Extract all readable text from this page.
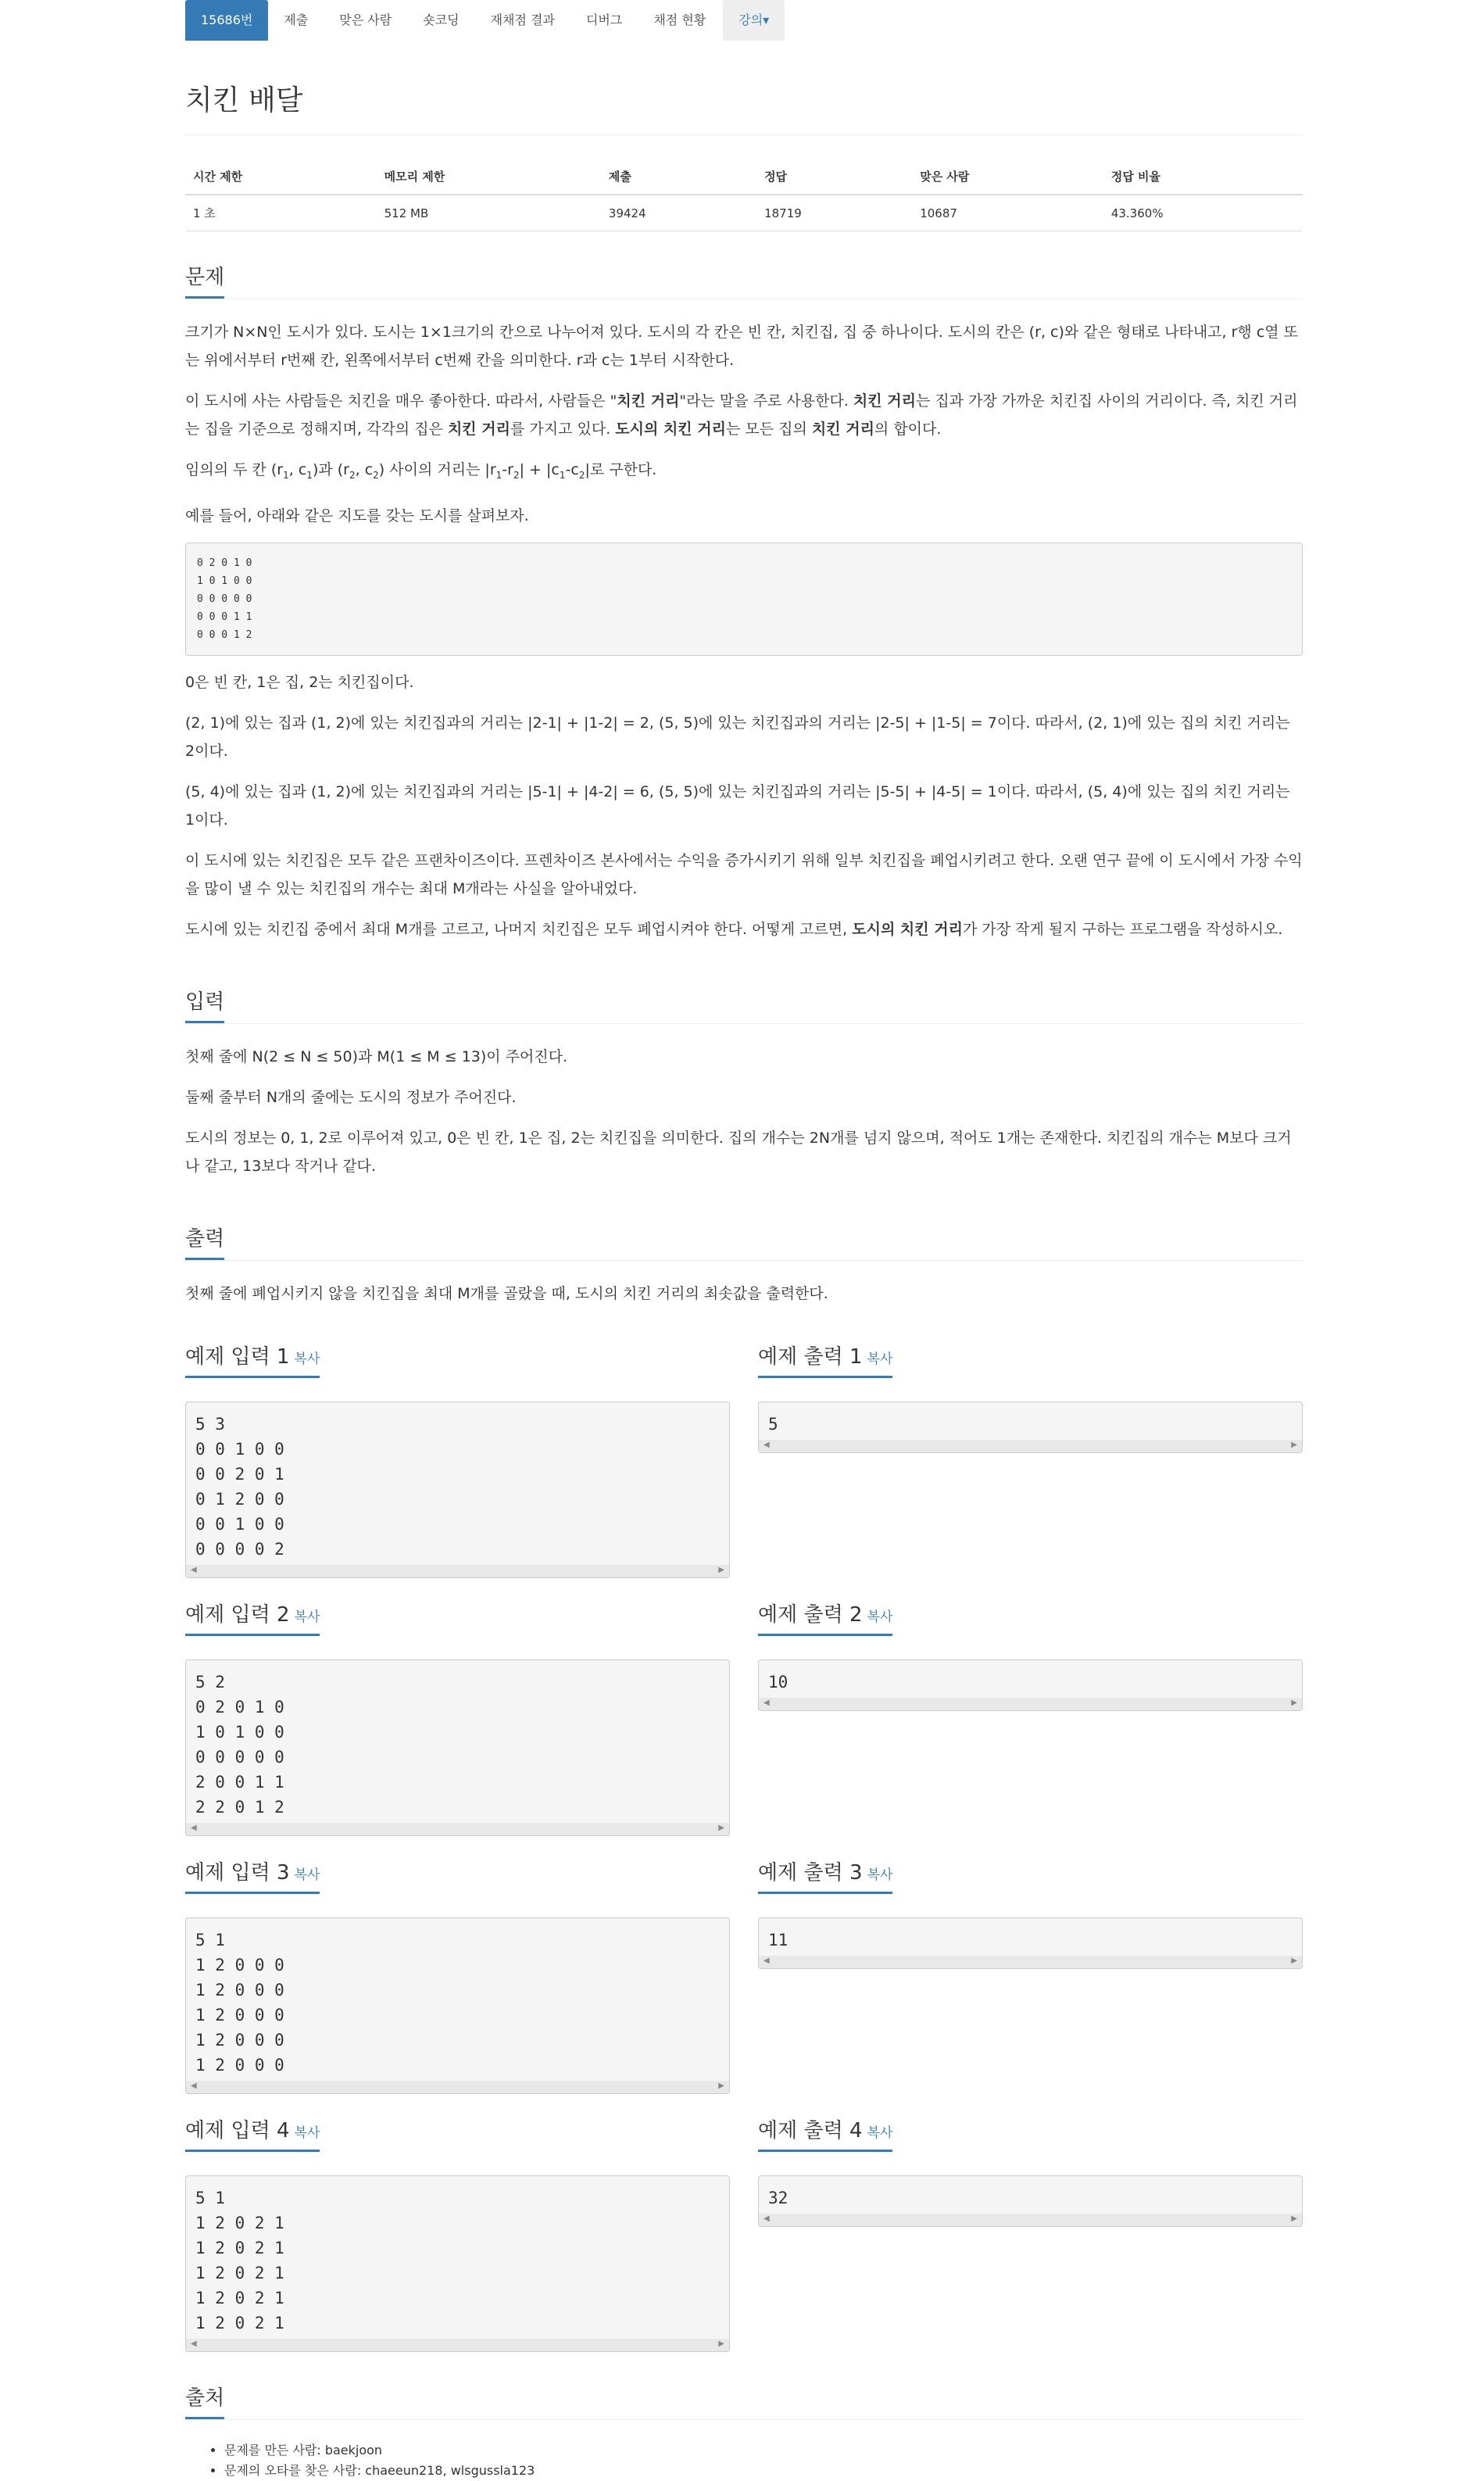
15686번	제출	맞은 사람	숏코딩	재채점 결과	디버그	채점 현황	강의▾
치킨 배달
시간 제한	메모리 제한	제출	정답	맞은 사람	정답 비율
1 초	512 MB	39424	18719	10687	43.360%
문제

크기가 N×N인 도시가 있다. 도시는 1×1크기의 칸으로 나누어져 있다. 도시의 각 칸은 빈 칸, 치킨집, 집 중 하나이다. 도시의 칸은 (r, c)와 같은 형태로 나타내고, r행 c열 또는 위에서부터 r번째 칸, 왼쪽에서부터 c번째 칸을 의미한다. r과 c는 1부터 시작한다.

이 도시에 사는 사람들은 치킨을 매우 좋아한다. 따라서, 사람들은 "치킨 거리"라는 말을 주로 사용한다. 치킨 거리는 집과 가장 가까운 치킨집 사이의 거리이다. 즉, 치킨 거리는 집을 기준으로 정해지며, 각각의 집은 치킨 거리를 가지고 있다. 도시의 치킨 거리는 모든 집의 치킨 거리의 합이다.

임의의 두 칸 ($r_1$, $c_1$)과 ($r_2$, $c_2$) 사이의 거리는 $|r_1-r_2| + |c_1-c_2|$로 구한다.

예를 들어, 아래와 같은 지도를 갖는 도시를 살펴보자.

0 2 0 1 0
1 0 1 0 0
0 0 0 0 0
0 0 0 1 1
0 0 0 1 2

0은 빈 칸, 1은 집, 2는 치킨집이다.

(2, 1)에 있는 집과 (1, 2)에 있는 치킨집과의 거리는 |2-1| + |1-2| = 2, (5, 5)에 있는 치킨집과의 거리는 |2-5| + |1-5| = 7이다. 따라서, (2, 1)에 있는 집의 치킨 거리는 2이다.

(5, 4)에 있는 집과 (1, 2)에 있는 치킨집과의 거리는 |5-1| + |4-2| = 6, (5, 5)에 있는 치킨집과의 거리는 |5-5| + |4-5| = 1이다. 따라서, (5, 4)에 있는 집의 치킨 거리는 1이다.

이 도시에 있는 치킨집은 모두 같은 프랜차이즈이다. 프렌차이즈 본사에서는 수익을 증가시키기 위해 일부 치킨집을 폐업시키려고 한다. 오랜 연구 끝에 이 도시에서 가장 수익을 많이 낼 수 있는 치킨집의 개수는 최대 M개라는 사실을 알아내었다.

도시에 있는 치킨집 중에서 최대 M개를 고르고, 나머지 치킨집은 모두 폐업시켜야 한다. 어떻게 고르면, 도시의 치킨 거리가 가장 작게 될지 구하는 프로그램을 작성하시오.

입력

첫째 줄에 N(2 ≤ N ≤ 50)과 M(1 ≤ M ≤ 13)이 주어진다.

둘째 줄부터 N개의 줄에는 도시의 정보가 주어진다.

도시의 정보는 0, 1, 2로 이루어져 있고, 0은 빈 칸, 1은 집, 2는 치킨집을 의미한다. 집의 개수는 2N개를 넘지 않으며, 적어도 1개는 존재한다. 치킨집의 개수는 M보다 크거나 같고, 13보다 작거나 같다.

출력

첫째 줄에 폐업시키지 않을 치킨집을 최대 M개를 골랐을 때, 도시의 치킨 거리의 최솟값을 출력한다.

예제 입력 1 복사
5 3
0 0 1 0 0
0 0 2 0 1
0 1 2 0 0
0 0 1 0 0
0 0 0 0 2
◀	▶
예제 출력 1 복사
5
◀	▶
예제 입력 2 복사
5 2
0 2 0 1 0
1 0 1 0 0
0 0 0 0 0
2 0 0 1 1
2 2 0 1 2
◀	▶
예제 출력 2 복사
10
◀	▶
예제 입력 3 복사
5 1
1 2 0 0 0
1 2 0 0 0
1 2 0 0 0
1 2 0 0 0
1 2 0 0 0
◀	▶
예제 출력 3 복사
11
◀	▶
예제 입력 4 복사
5 1
1 2 0 2 1
1 2 0 2 1
1 2 0 2 1
1 2 0 2 1
1 2 0 2 1
◀	▶
예제 출력 4 복사
32
◀	▶
출처
• 문제를 만든 사람: baekjoon
• 문제의 오타를 찾은 사람: chaeeun218, wlsgussla123
